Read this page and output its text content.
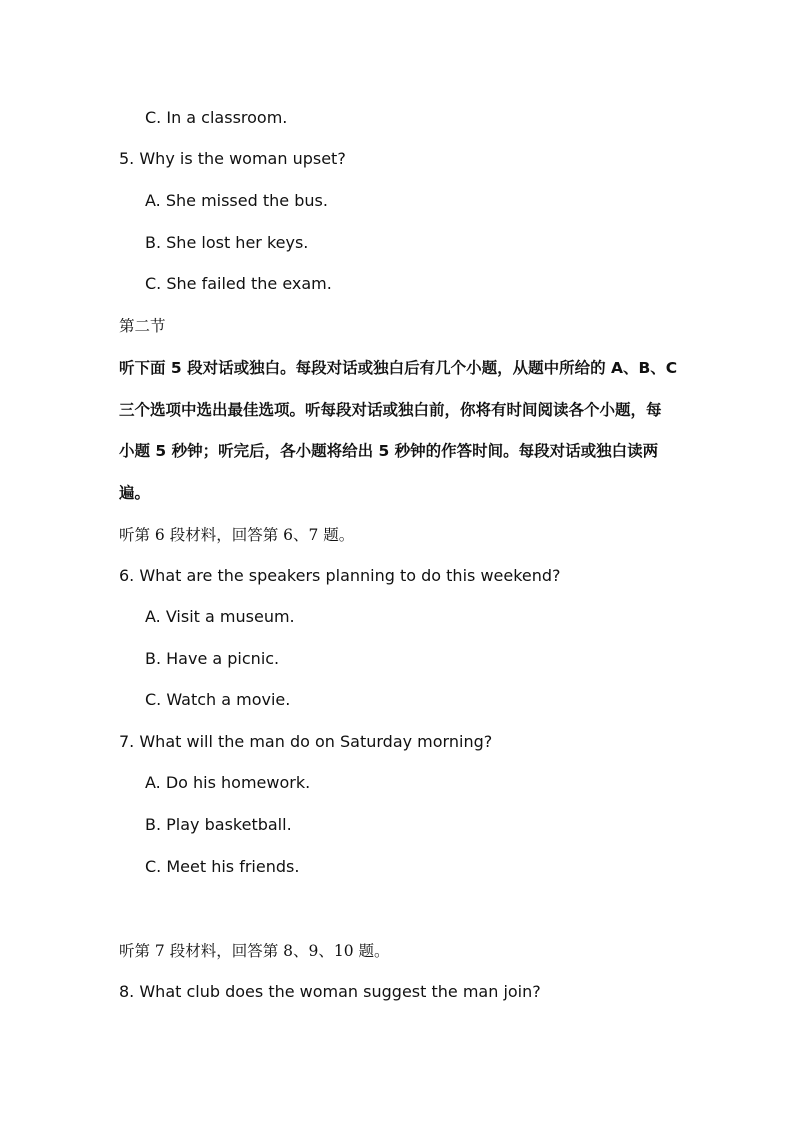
C. In a classroom.
5. Why is the woman upset?
A. She missed the bus.
B. She lost her keys.
C. She failed the exam.
第二节
听下面 5 段对话或独白。每段对话或独白后有几个小题，从题中所给的 A、B、C
三个选项中选出最佳选项。听每段对话或独白前，你将有时间阅读各个小题，每
小题 5 秒钟；听完后，各小题将给出 5 秒钟的作答时间。每段对话或独白读两
遍。
听第 6 段材料，回答第 6、7 题。
6. What are the speakers planning to do this weekend?
A. Visit a museum.
B. Have a picnic.
C. Watch a movie.
7. What will the man do on Saturday morning?
A. Do his homework.
B. Play basketball.
C. Meet his friends.
听第 7 段材料，回答第 8、9、10 题。
8. What club does the woman suggest the man join?
